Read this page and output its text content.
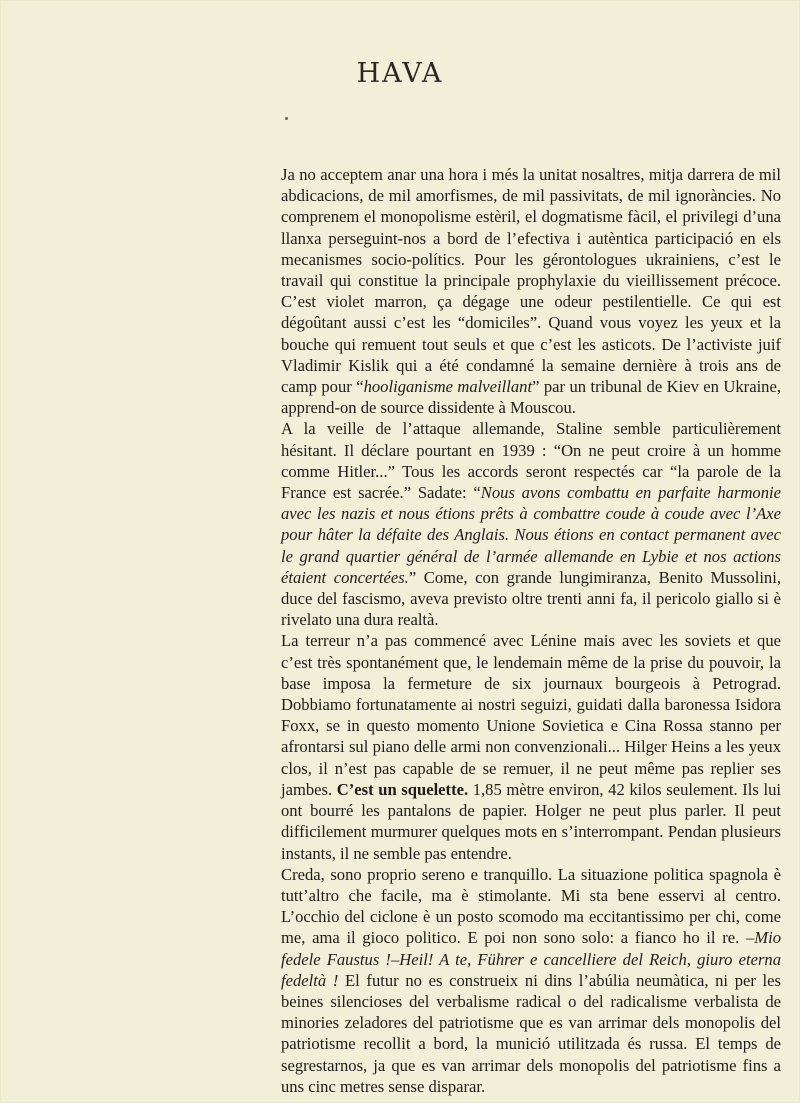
HAVA

Ja no acceptem anar una hora i més la unitat nosaltres, mitja darrera de mil abdicacions, de mil amorfismes, de mil passivitats, de mil ignoràncies. No comprenem el monopolisme estèril, el dogmatisme fàcil, el privilegi d’una llanxa perseguint-nos a bord de l’efectiva i autèntica participació en els mecanismes socio-polítics. Pour les gérontologues ukrainiens, c’est le travail qui constitue la principale prophylaxie du vieillissement précoce. C’est violet marron, ça dégage une odeur pestilentielle. Ce qui est dégoûtant aussi c’est les “domiciles”. Quand vous voyez les yeux et la bouche qui remuent tout seuls et que c’est les asticots. De l’activiste juif Vladimir Kislik qui a été condamné la semaine dernière à trois ans de camp pour “hooliganisme malveillant” par un tribunal de Kiev en Ukraine, apprend-on de source dissidente à Mouscou.

A la veille de l’attaque allemande, Staline semble particulièrement hésitant. Il déclare pourtant en 1939 : “On ne peut croire à un homme comme Hitler...” Tous les accords seront respectés car “la parole de la France est sacrée.” Sadate: “Nous avons combattu en parfaite harmonie avec les nazis et nous étions prêts à combattre coude à coude avec l’Axe pour hâter la défaite des Anglais. Nous étions en contact permanent avec le grand quartier général de l’armée allemande en Lybie et nos actions étaient concertées.” Come, con grande lungimiranza, Benito Mussolini, duce del fascismo, aveva previsto oltre trenti anni fa, il pericolo giallo si è rivelato una dura realtà.

La terreur n’a pas commencé avec Lénine mais avec les soviets et que c’est très spontanément que, le lendemain même de la prise du pouvoir, la base imposa la fermeture de six journaux bourgeois à Petrograd. Dobbiamo fortunatamente ai nostri seguizi, guidati dalla baronessa Isidora Foxx, se in questo momento Unione Sovietica e Cina Rossa stanno per afrontarsi sul piano delle armi non convenzionali... Hilger Heins a les yeux clos, il n’est pas capable de se remuer, il ne peut même pas replier ses jambes. C’est un squelette. 1,85 mètre environ, 42 kilos seulement. Ils lui ont bourré les pantalons de papier. Holger ne peut plus parler. Il peut difficilement murmurer quelques mots en s’interrompant. Pendan plusieurs instants, il ne semble pas entendre.

Creda, sono proprio sereno e tranquillo. La situazione politica spagnola è tutt’altro che facile, ma è stimolante. Mi sta bene esservi al centro. L’occhio del ciclone è un posto scomodo ma eccitantissimo per chi, come me, ama il gioco politico. E poi non sono solo: a fianco ho il re. –Mio fedele Faustus !–Heil! A te, Führer e cancelliere del Reich, giuro eterna fedeltà ! El futur no es construeix ni dins l’abúlia neumàtica, ni per les beines silencioses del verbalisme radical o del radicalisme verbalista de minories zeladores del patriotisme que es van arrimar dels monopolis del patriotisme recollit a bord, la munició utilitzada és russa. El temps de segrestarnos, ja que es van arrimar dels monopolis del patriotisme fins a uns cinc metres sense disparar.
